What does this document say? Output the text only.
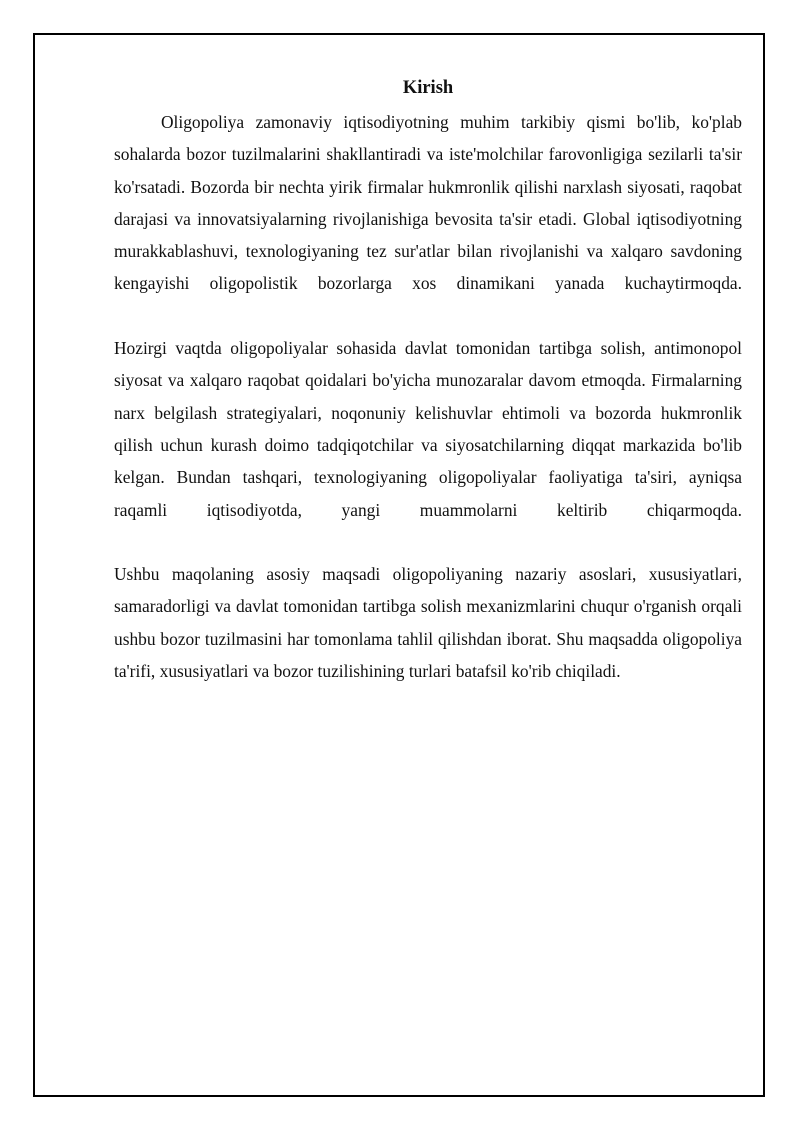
Kirish

Oligopoliya zamonaviy iqtisodiyotning muhim tarkibiy qismi bo'lib, ko'plab sohalarda bozor tuzilmalarini shakllantiradi va iste'molchilar farovonligiga sezilarli ta'sir ko'rsatadi. Bozorda bir nechta yirik firmalar hukmronlik qilishi narxlash siyosati, raqobat darajasi va innovatsiyalarning rivojlanishiga bevosita ta'sir etadi. Global iqtisodiyotning murakkablashuvi, texnologiyaning tez sur'atlar bilan rivojlanishi va xalqaro savdoning kengayishi oligopolistik bozorlarga xos dinamikani yanada kuchaytirmoqda.

Hozirgi vaqtda oligopoliyalar sohasida davlat tomonidan tartibga solish, antimonopol siyosat va xalqaro raqobat qoidalari bo'yicha munozaralar davom etmoqda. Firmalarning narx belgilash strategiyalari, noqonuniy kelishuvlar ehtimoli va bozorda hukmronlik qilish uchun kurash doimo tadqiqotchilar va siyosatchilarning diqqat markazida bo'lib kelgan. Bundan tashqari, texnologiyaning oligopoliyalar faoliyatiga ta'siri, ayniqsa raqamli iqtisodiyotda, yangi muammolarni keltirib chiqarmoqda.

Ushbu maqolaning asosiy maqsadi oligopoliyaning nazariy asoslari, xususiyatlari, samaradorligi va davlat tomonidan tartibga solish mexanizmlarini chuqur o'rganish orqali ushbu bozor tuzilmasini har tomonlama tahlil qilishdan iborat. Shu maqsadda oligopoliya ta'rifi, xususiyatlari va bozor tuzilishining turlari batafsil ko'rib chiqiladi.
